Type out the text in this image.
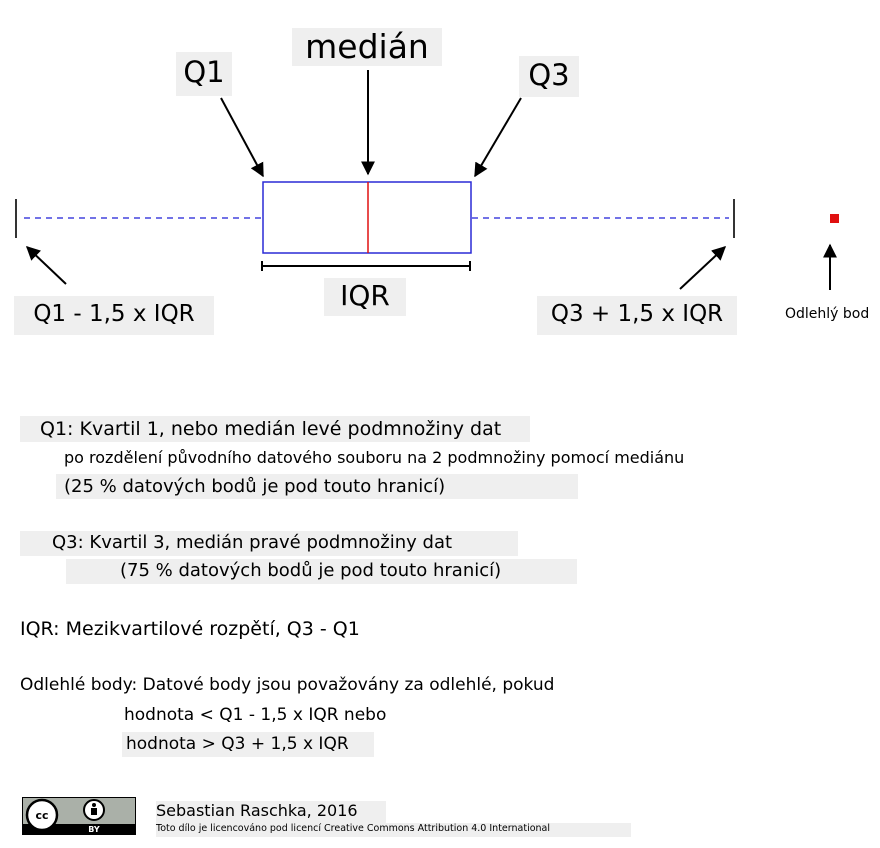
medián
Q1	Q3
IQR
Q1 - 1,5 x IQR	Q3 + 1,5 x IQR	Odlehlý bod
Q1: Kvartil 1, nebo medián levé podmnožiny dat
po rozdělení původního datového souboru na 2 podmnožiny pomocí mediánu
(25 % datových bodů je pod touto hranicí)
Q3: Kvartil 3, medián pravé podmnožiny dat
(75 % datových bodů je pod touto hranicí)
IQR: Mezikvartilové rozpětí, Q3 - Q1
Odlehlé body: Datové body jsou považovány za odlehlé, pokud
hodnota < Q1 - 1,5 x IQR nebo
hodnota > Q3 + 1,5 x IQR
cc
BY
Sebastian Raschka, 2016
Toto dílo je licencováno pod licencí Creative Commons Attribution 4.0 International
